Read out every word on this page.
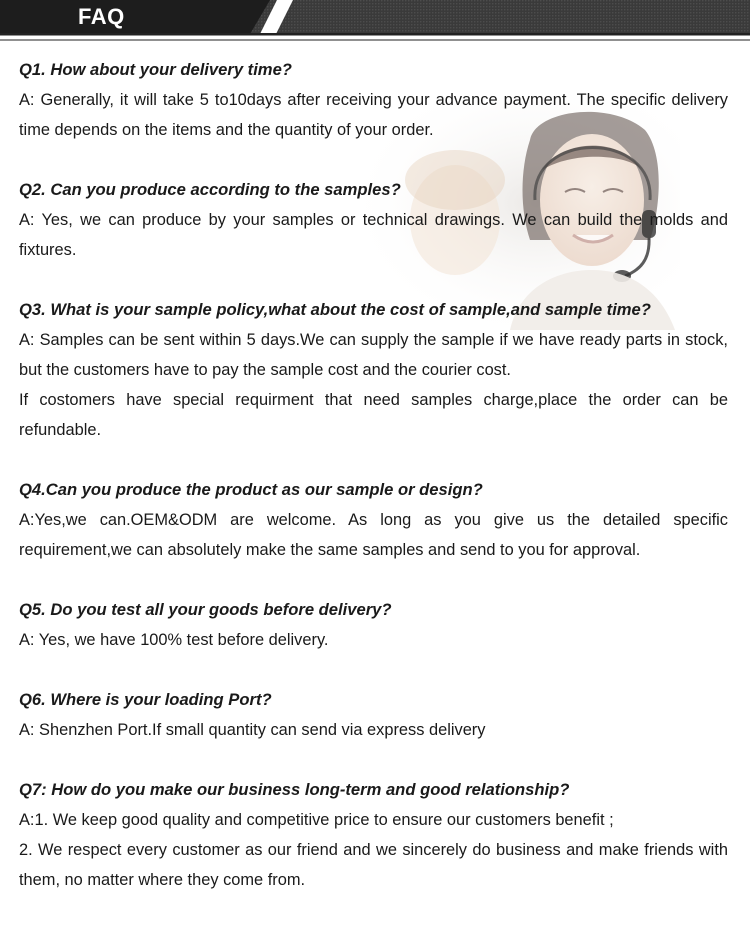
FAQ

Q1. How about your delivery time?

A: Generally, it will take 5 to10days after receiving your advance payment. The specific delivery time depends on the items and the quantity of your order.

Q2. Can you produce according to the samples?

A: Yes, we can produce by your samples or technical drawings. We can build the molds and fixtures.

Q3. What is your sample policy,what about the cost of sample,and sample time?

A: Samples can be sent within 5 days.We can supply the sample if we have ready parts in stock, but the customers have to pay the sample cost and the courier cost.

If costomers have special requirment that need samples charge,place the order can be refundable.

Q4.Can you produce the product as our sample or design?

A:Yes,we can.OEM&ODM are welcome. As long as you give us the detailed specific requirement,we can absolutely make the same samples and send to you for approval.

Q5. Do you test all your goods before delivery?

A: Yes, we have 100% test before delivery.

Q6. Where is your loading Port?

A: Shenzhen Port.If small quantity can send via express delivery

Q7: How do you make our business long-term and good relationship?

A:1. We keep good quality and competitive price to ensure our customers benefit ;

2. We respect every customer as our friend and we sincerely do business and make friends with them, no matter where they come from.
